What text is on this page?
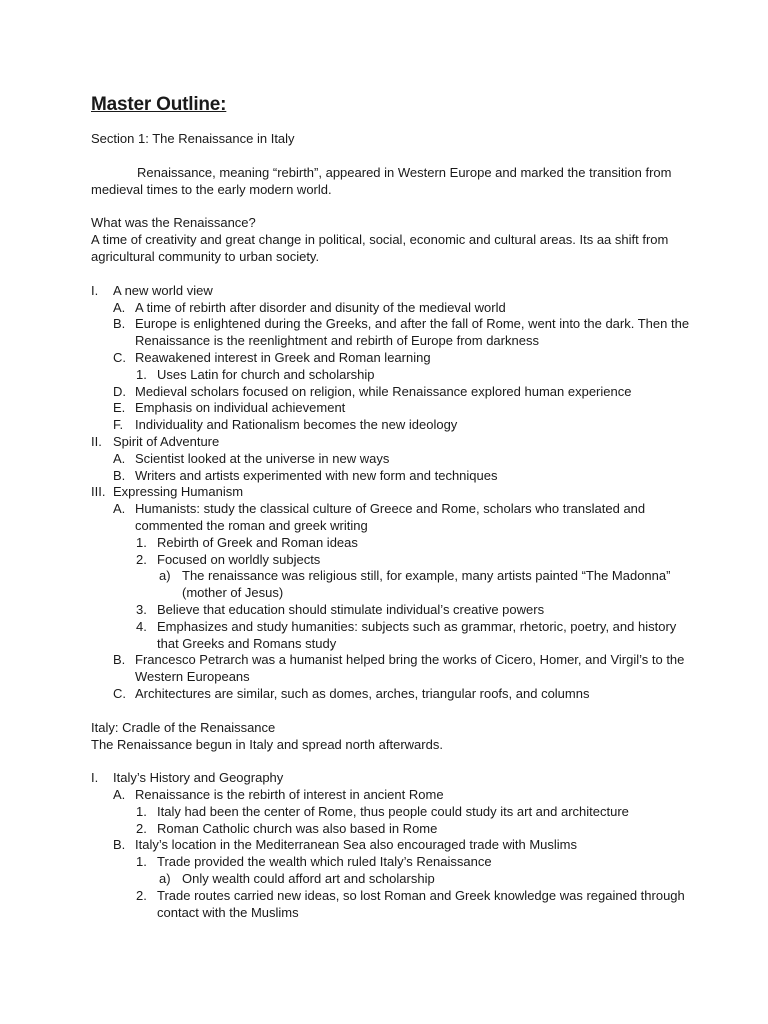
Master Outline:

Section 1: The Renaissance in Italy

Renaissance, meaning “rebirth”, appeared in Western Europe and marked the transition from medieval times to the early modern world.

What was the Renaissance?

A time of creativity and great change in political, social, economic and cultural areas. Its aa shift from agricultural community to urban society.

I.	A new world view
A. A time of rebirth after disorder and disunity of the medieval world
B. Europe is enlightened during the Greeks, and after the fall of Rome, went into the dark. Then the Renaissance is the reenlightment and rebirth of Europe from darkness
C. Reawakened interest in Greek and Roman learning
1. Uses Latin for church and scholarship
D. Medieval scholars focused on religion, while Renaissance explored human experience
E. Emphasis on individual achievement
F. Individuality and Rationalism becomes the new ideology
II. Spirit of Adventure
A. Scientist looked at the universe in new ways
B. Writers and artists experimented with new form and techniques
III. Expressing Humanism
A. Humanists: study the classical culture of Greece and Rome, scholars who translated and commented the roman and greek writing
1. Rebirth of Greek and Roman ideas
2. Focused on worldly subjects
a) The renaissance was religious still, for example, many artists painted “The Madonna” (mother of Jesus)
3. Believe that education should stimulate individual’s creative powers
4. Emphasizes and study humanities: subjects such as grammar, rhetoric, poetry, and history that Greeks and Romans study
B. Francesco Petrarch was a humanist helped bring the works of Cicero, Homer, and Virgil’s to the Western Europeans
C. Architectures are similar, such as domes, arches, triangular roofs, and columns

Italy: Cradle of the Renaissance

The Renaissance begun in Italy and spread north afterwards.

I.	Italy’s History and Geography
A. Renaissance is the rebirth of interest in ancient Rome
1. Italy had been the center of Rome, thus people could study its art and architecture
2. Roman Catholic church was also based in Rome
B. Italy’s location in the Mediterranean Sea also encouraged trade with Muslims
1. Trade provided the wealth which ruled Italy’s Renaissance
a) Only wealth could afford art and scholarship
2. Trade routes carried new ideas, so lost Roman and Greek knowledge was regained through contact with the Muslims
